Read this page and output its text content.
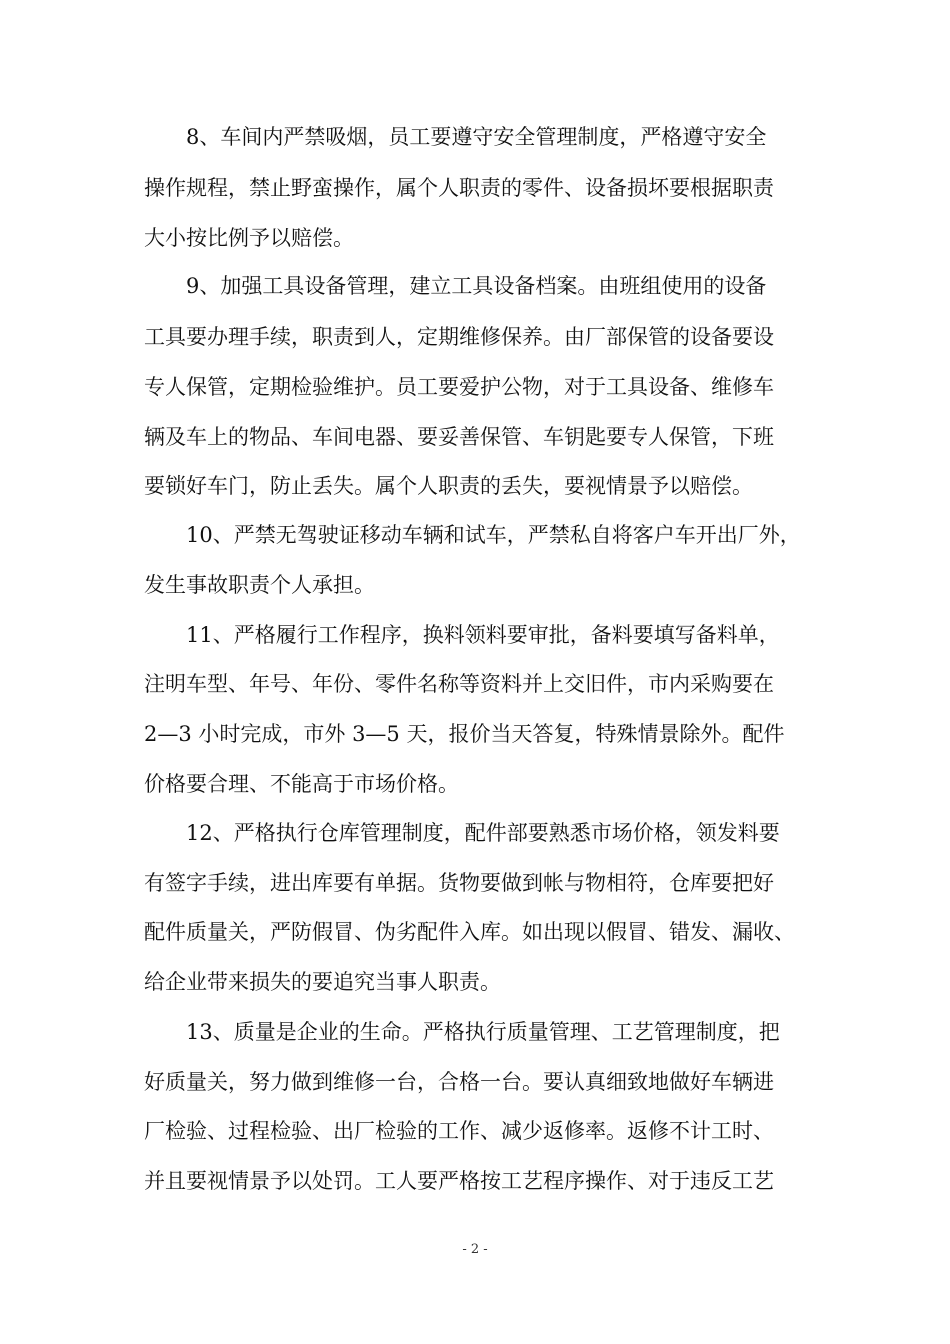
8、车间内严禁吸烟，员工要遵守安全管理制度，严格遵守安全
操作规程，禁止野蛮操作，属个人职责的零件、设备损坏要根据职责
大小按比例予以赔偿。
9、加强工具设备管理，建立工具设备档案。由班组使用的设备
工具要办理手续，职责到人，定期维修保养。由厂部保管的设备要设
专人保管，定期检验维护。员工要爱护公物，对于工具设备、维修车
辆及车上的物品、车间电器、要妥善保管、车钥匙要专人保管，下班
要锁好车门，防止丢失。属个人职责的丢失，要视情景予以赔偿。
10、严禁无驾驶证移动车辆和试车，严禁私自将客户车开出厂外，
发生事故职责个人承担。
11、严格履行工作程序，换料领料要审批，备料要填写备料单，
注明车型、年号、年份、零件名称等资料并上交旧件，市内采购要在
2—3 小时完成，市外 3—5 天，报价当天答复，特殊情景除外。配件
价格要合理、不能高于市场价格。
12、严格执行仓库管理制度，配件部要熟悉市场价格，领发料要
有签字手续，进出库要有单据。货物要做到帐与物相符，仓库要把好
配件质量关，严防假冒、伪劣配件入库。如出现以假冒、错发、漏收、
给企业带来损失的要追究当事人职责。
13、质量是企业的生命。严格执行质量管理、工艺管理制度，把
好质量关，努力做到维修一台，合格一台。要认真细致地做好车辆进
厂检验、过程检验、出厂检验的工作、减少返修率。返修不计工时、
并且要视情景予以处罚。工人要严格按工艺程序操作、对于违反工艺
- 2 -
